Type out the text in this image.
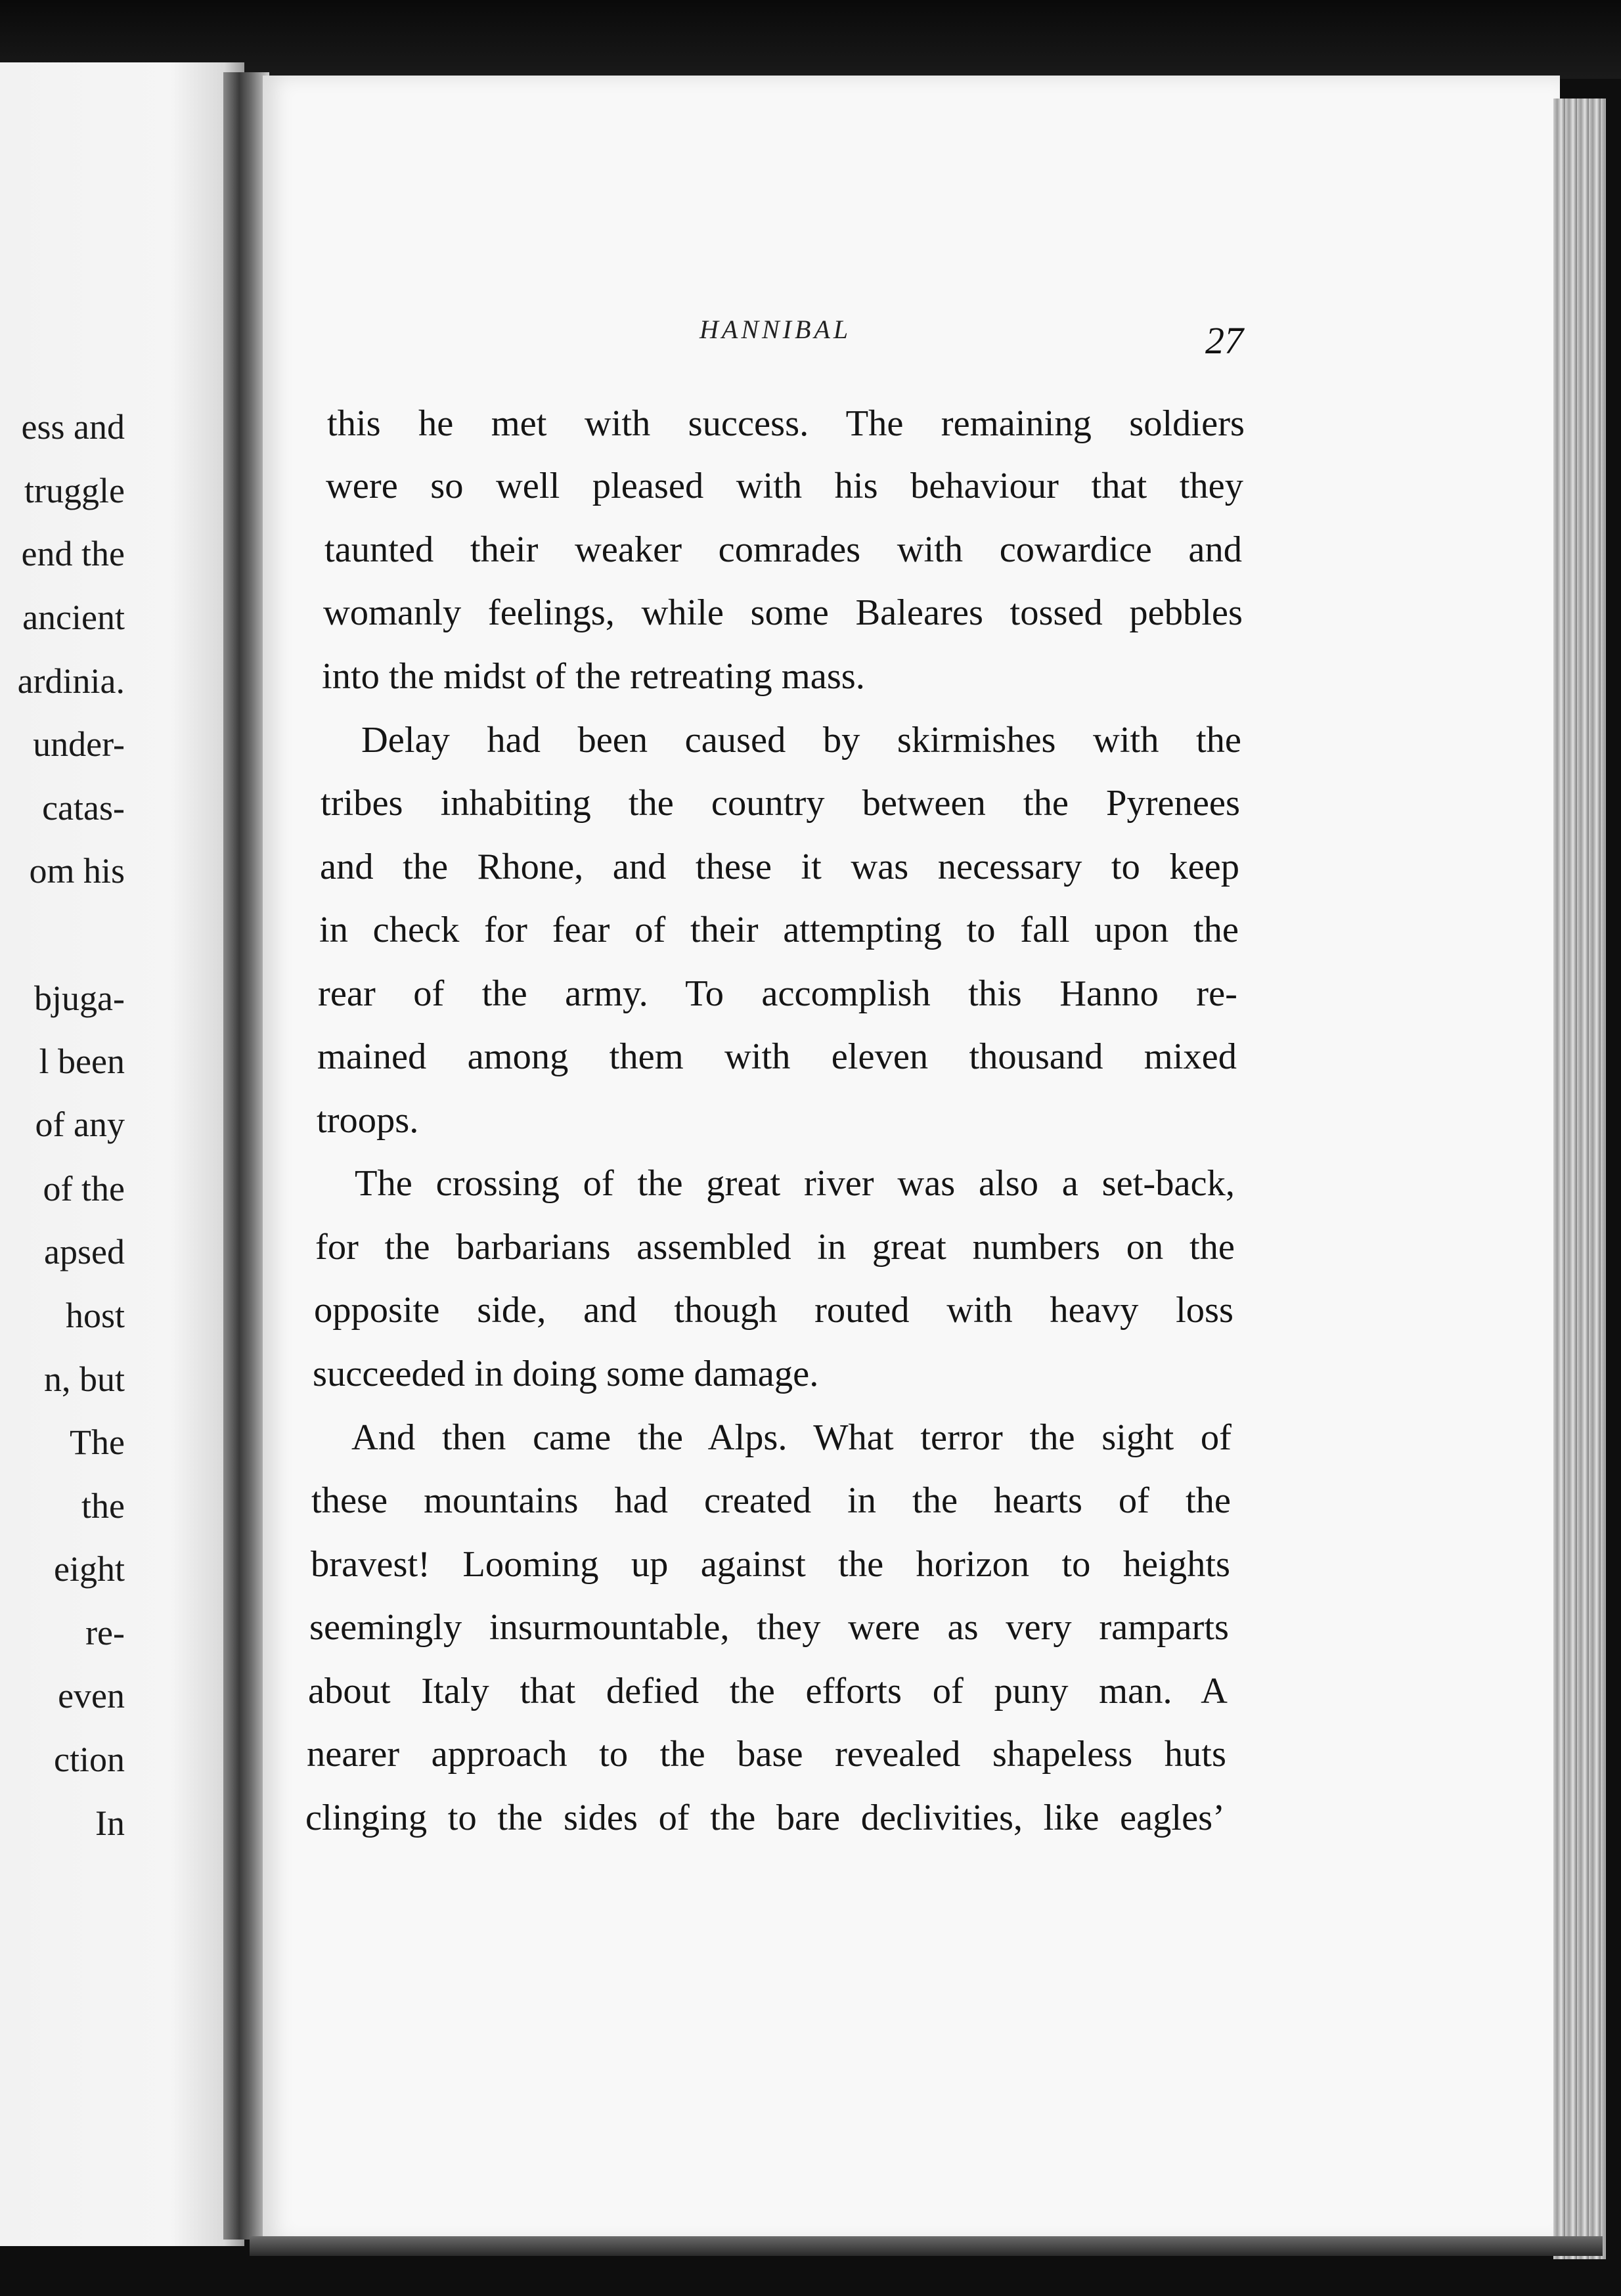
ess and
truggle
end the
ancient
ardinia.
under-
catas-
om his
bjuga-
l been
of any
of the
apsed
host
n, but
The
the
eight
re-
even
ction
In
HANNIBAL	27
this he met with success. The remaining soldiers
were so well pleased with his behaviour that they
taunted their weaker comrades with cowardice and
womanly feelings, while some Baleares tossed pebbles
into the midst of the retreating mass.
Delay had been caused by skirmishes with the
tribes inhabiting the country between the Pyrenees
and the Rhone, and these it was necessary to keep
in check for fear of their attempting to fall upon the
rear of the army. To accomplish this Hanno re-
mained among them with eleven thousand mixed
troops.
The crossing of the great river was also a set-back,
for the barbarians assembled in great numbers on the
opposite side, and though routed with heavy loss
succeeded in doing some damage.
And then came the Alps. What terror the sight of
these mountains had created in the hearts of the
bravest! Looming up against the horizon to heights
seemingly insurmountable, they were as very ramparts
about Italy that defied the efforts of puny man. A
nearer approach to the base revealed shapeless huts
clinging to the sides of the bare declivities, like eagles’
